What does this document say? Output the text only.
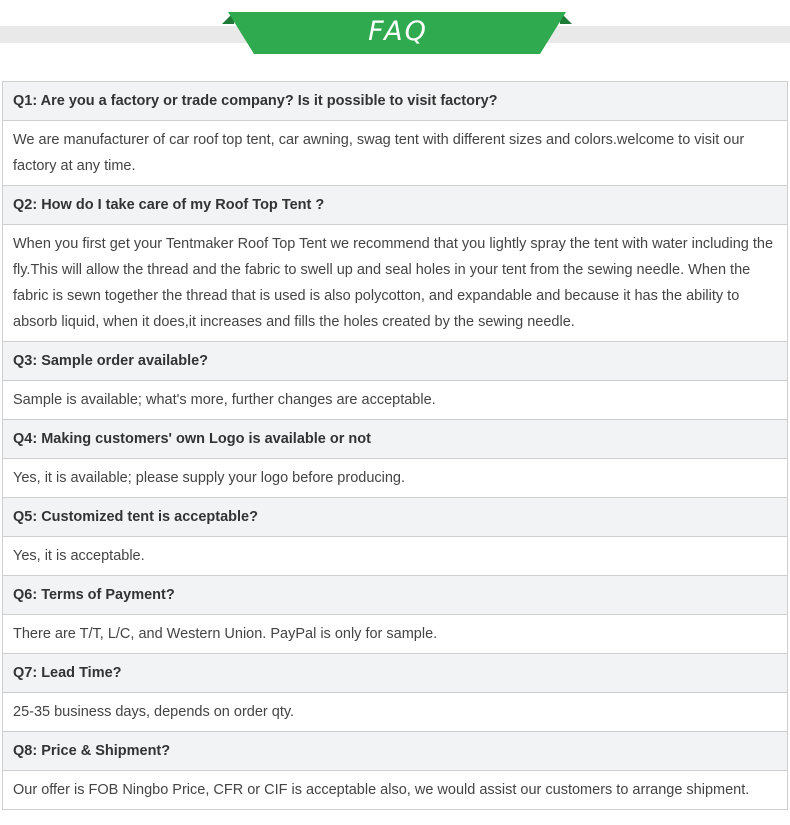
FAQ
Q1: Are you a factory or trade company? Is it possible to visit factory?
We are manufacturer of car roof top tent, car awning, swag tent with different sizes and colors.welcome to visit our factory at any time.
Q2: How do I take care of my Roof Top Tent ?
When you first get your Tentmaker Roof Top Tent we recommend that you lightly spray the tent with water including the fly.This will allow the thread and the fabric to swell up and seal holes in your tent from the sewing needle. When the fabric is sewn together the thread that is used is also polycotton, and expandable and because it has the ability to absorb liquid, when it does,it increases and fills the holes created by the sewing needle.
Q3: Sample order available?
Sample is available; what's more, further changes are acceptable.
Q4: Making customers' own Logo is available or not
Yes, it is available; please supply your logo before producing.
Q5: Customized tent is acceptable?
Yes, it is acceptable.
Q6: Terms of Payment?
There are T/T, L/C, and Western Union. PayPal is only for sample.
Q7: Lead Time?
25-35 business days, depends on order qty.
Q8: Price & Shipment?
Our offer is FOB Ningbo Price, CFR or CIF is acceptable also, we would assist our customers to arrange shipment.
